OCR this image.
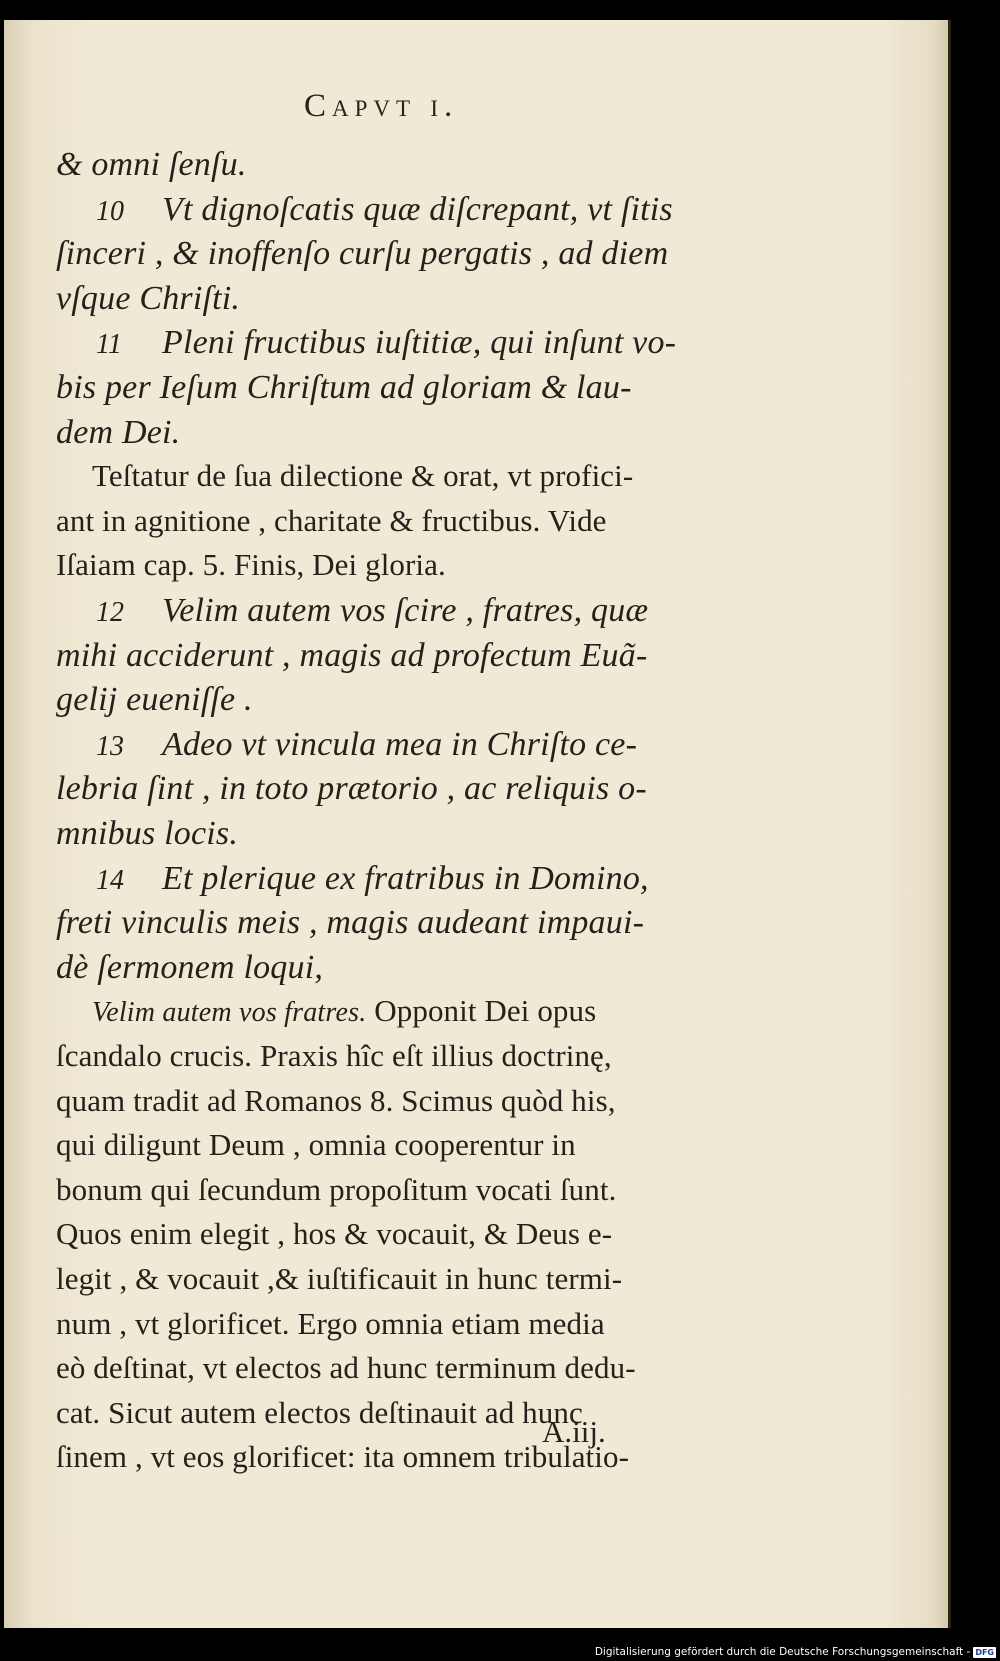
Capvt i.
& omni ſenſu.
10 Vt dignoſcatis quæ diſcrepant, vt ſitis
ſinceri , & inoffenſo curſu pergatis , ad diem
vſque Chriſti.
11 Pleni fructibus iuſtitiæ, qui inſunt vo-
bis per Ieſum Chriſtum ad gloriam & lau-
dem Dei.
Teſtatur de ſua dilectione & orat, vt profici-
ant in agnitione , charitate & fructibus. Vide
Iſaiam cap. 5. Finis, Dei gloria.
12 Velim autem vos ſcire , fratres, quæ
mihi acciderunt , magis ad profectum Euã-
gelij eueniſſe .
13 Adeo vt vincula mea in Chriſto ce-
lebria ſint , in toto prætorio , ac reliquis o-
mnibus locis.
14 Et plerique ex fratribus in Domino,
freti vinculis meis , magis audeant impaui-
dè ſermonem loqui,
Velim autem vos fratres. Opponit Dei opus
ſcandalo crucis. Praxis hîc eſt illius doctrinę,
quam tradit ad Romanos 8. Scimus quòd his,
qui diligunt Deum , omnia cooperentur in
bonum qui ſecundum propoſitum vocati ſunt.
Quos enim elegit , hos & vocauit, & Deus e-
legit , & vocauit ,& iuſtificauit in hunc termi-
num , vt glorificet. Ergo omnia etiam media
eò deſtinat, vt electos ad hunc terminum dedu-
cat. Sicut autem electos deſtinauit ad hunc
ſinem , vt eos glorificet: ita omnem tribulatio-
A.iij.
Digitalisierung gefördert durch die Deutsche Forschungsgemeinschaft - DFG
